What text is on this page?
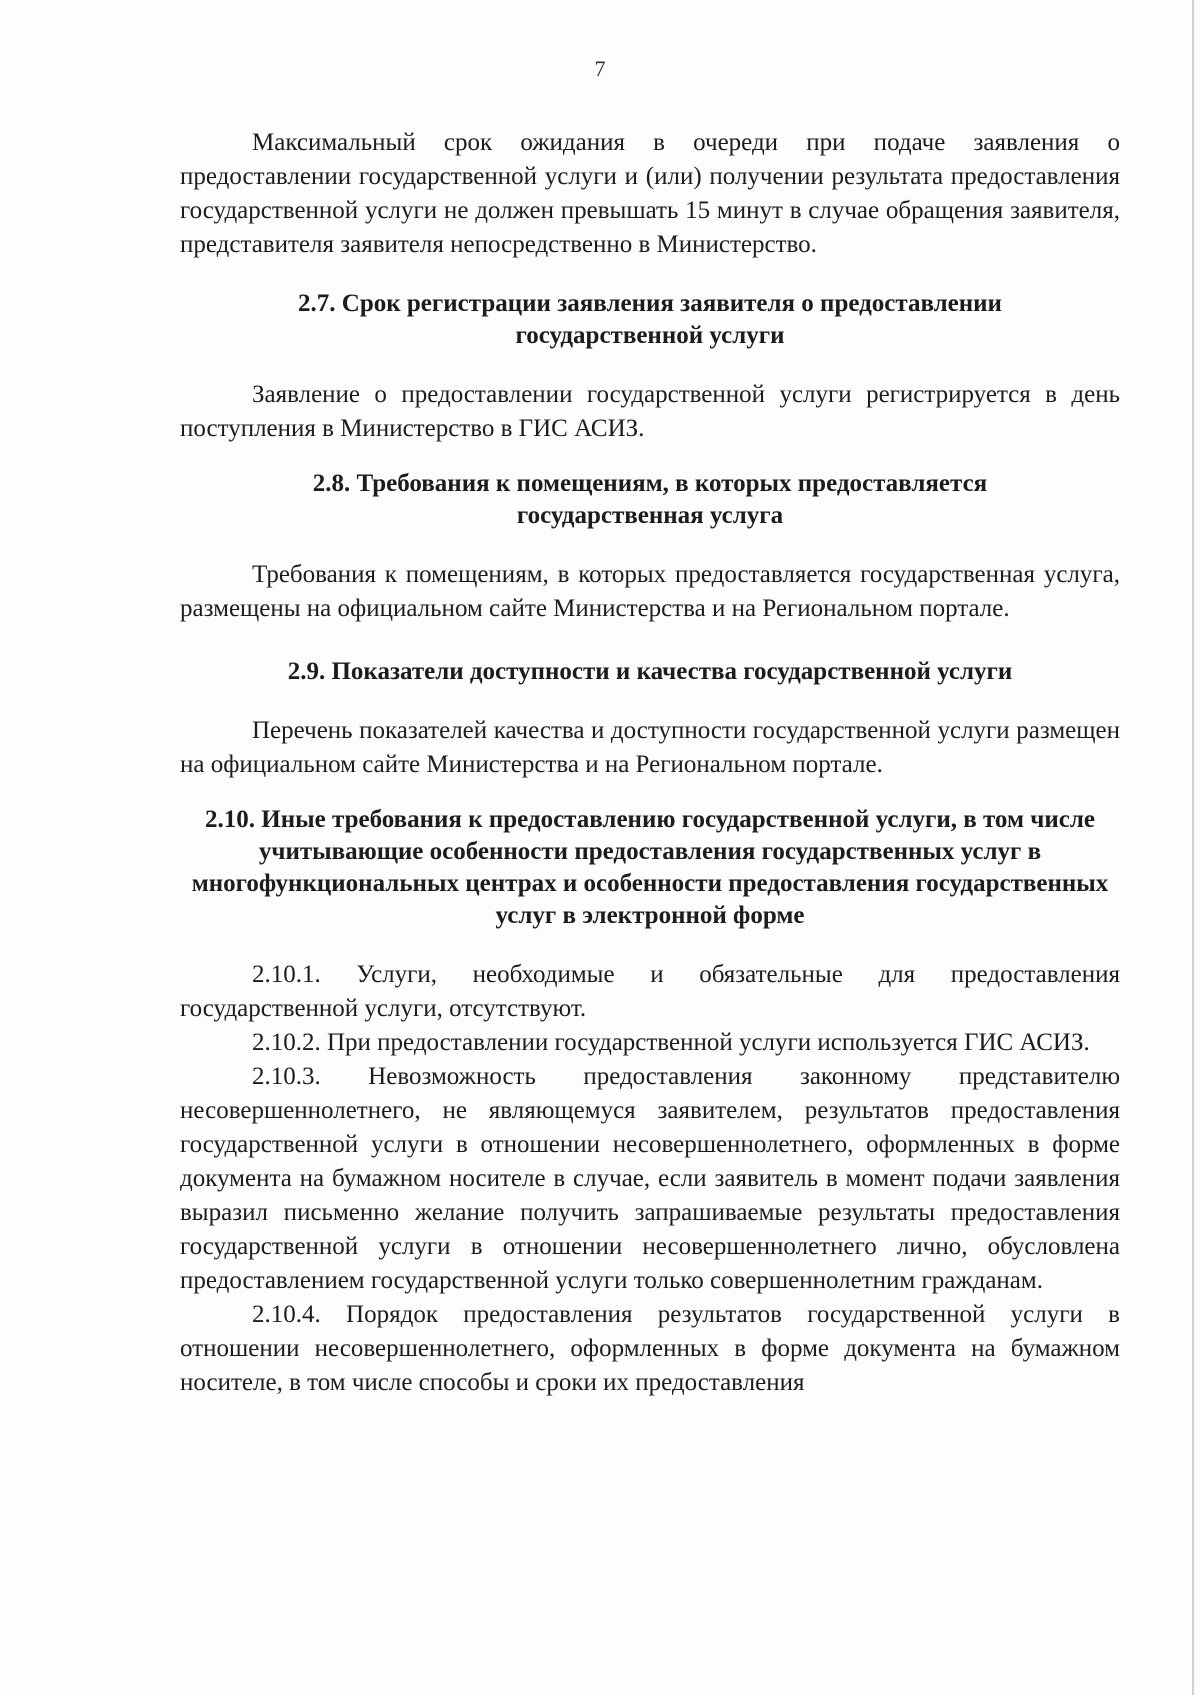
7

Максимальный срок ожидания в очереди при подаче заявления о предоставлении государственной услуги и (или) получении результата предоставления государственной услуги не должен превышать 15 минут в случае обращения заявителя, представителя заявителя непосредственно в Министерство.

2.7. Срок регистрации заявления заявителя о предоставлении государственной услуги

Заявление о предоставлении государственной услуги регистрируется в день поступления в Министерство в ГИС АСИЗ.

2.8. Требования к помещениям, в которых предоставляется государственная услуга

Требования к помещениям, в которых предоставляется государственная услуга, размещены на официальном сайте Министерства и на Региональном портале.

2.9. Показатели доступности и качества государственной услуги

Перечень показателей качества и доступности государственной услуги размещен на официальном сайте Министерства и на Региональном портале.

2.10. Иные требования к предоставлению государственной услуги, в том числе учитывающие особенности предоставления государственных услуг в многофункциональных центрах и особенности предоставления государственных услуг в электронной форме

2.10.1. Услуги, необходимые и обязательные для предоставления государственной услуги, отсутствуют.

2.10.2. При предоставлении государственной услуги используется ГИС АСИЗ.

2.10.3. Невозможность предоставления законному представителю несовершеннолетнего, не являющемуся заявителем, результатов предоставления государственной услуги в отношении несовершеннолетнего, оформленных в форме документа на бумажном носителе в случае, если заявитель в момент подачи заявления выразил письменно желание получить запрашиваемые результаты предоставления государственной услуги в отношении несовершеннолетнего лично, обусловлена предоставлением государственной услуги только совершеннолетним гражданам.

2.10.4. Порядок предоставления результатов государственной услуги в отношении несовершеннолетнего, оформленных в форме документа на бумажном носителе, в том числе способы и сроки их предоставления
